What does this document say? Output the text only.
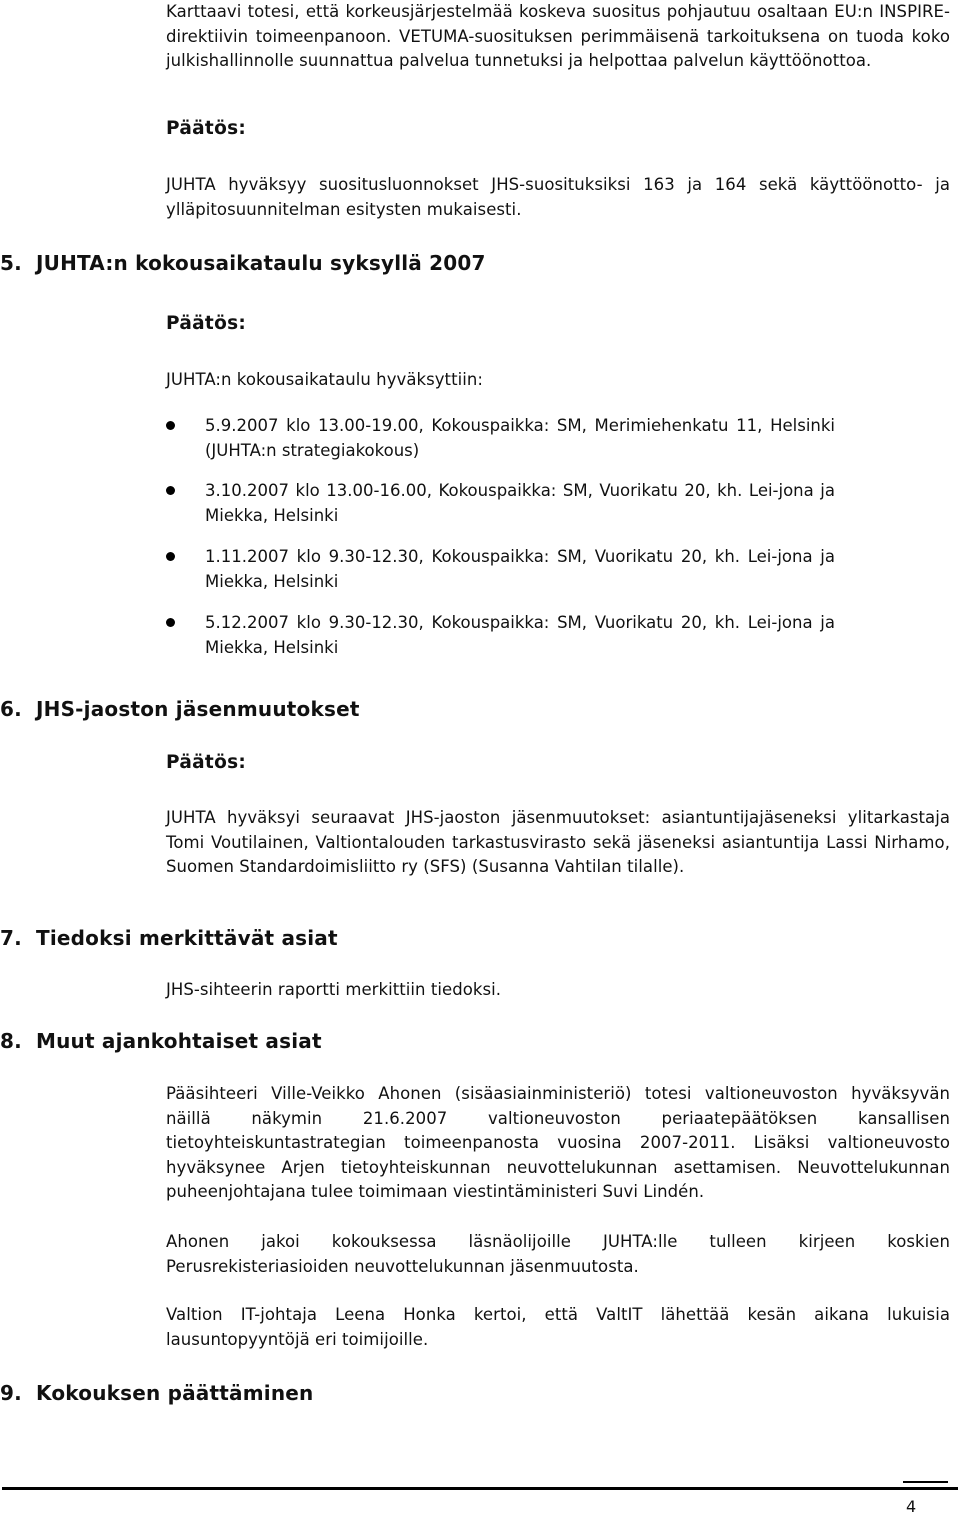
Karttaavi totesi, että korkeusjärjestelmää koskeva suositus pohjautuu osaltaan EU:n INSPIRE-direktiivin toimeenpanoon. VETUMA-suosituksen perimmäisenä tarkoituksena on tuoda koko julkishallinnolle suunnattua palvelua tunnetuksi ja helpottaa palvelun käyttöönottoa.

Päätös:

JUHTA hyväksyy suositusluonnokset JHS-suosituksiksi 163 ja 164 sekä käyttöönotto- ja ylläpitosuunnitelman esitysten mukaisesti.

5. JUHTA:n kokousaikataulu syksyllä 2007

Päätös:

JUHTA:n kokousaikataulu hyväksyttiin:

5.9.2007 klo 13.00-19.00, Kokouspaikka: SM, Merimiehenkatu 11, Helsinki (JUHTA:n strategiakokous)
3.10.2007 klo 13.00-16.00, Kokouspaikka: SM, Vuorikatu 20, kh. Lei-jona ja Miekka, Helsinki
1.11.2007 klo 9.30-12.30, Kokouspaikka: SM, Vuorikatu 20, kh. Lei-jona ja Miekka, Helsinki
5.12.2007 klo 9.30-12.30, Kokouspaikka: SM, Vuorikatu 20, kh. Lei-jona ja Miekka, Helsinki
6. JHS-jaoston jäsenmuutokset

Päätös:

JUHTA hyväksyi seuraavat JHS-jaoston jäsenmuutokset: asiantuntijajäseneksi ylitarkastaja Tomi Voutilainen, Valtiontalouden tarkastusvirasto sekä jäseneksi asiantuntija Lassi Nirhamo, Suomen Standardoimisliitto ry (SFS) (Susanna Vahtilan tilalle).

7. Tiedoksi merkittävät asiat

JHS-sihteerin raportti merkittiin tiedoksi.

8. Muut ajankohtaiset asiat

Pääsihteeri Ville-Veikko Ahonen (sisäasiainministeriö) totesi valtioneuvoston hyväksyvän näillä näkymin 21.6.2007 valtioneuvoston periaatepäätöksen kansallisen tietoyhteiskuntastrategian toimeenpanosta vuosina 2007-2011. Lisäksi valtioneuvosto hyväksynee Arjen tietoyhteiskunnan neuvottelukunnan asettamisen. Neuvottelukunnan puheenjohtajana tulee toimimaan viestintäministeri Suvi Lindén.

Ahonen jakoi kokouksessa läsnäolijoille JUHTA:lle tulleen kirjeen koskien Perusrekisteriasioiden neuvottelukunnan jäsenmuutosta.

Valtion IT-johtaja Leena Honka kertoi, että ValtIT lähettää kesän aikana lukuisia lausuntopyyntöjä eri toimijoille.

9. Kokouksen päättäminen
4
